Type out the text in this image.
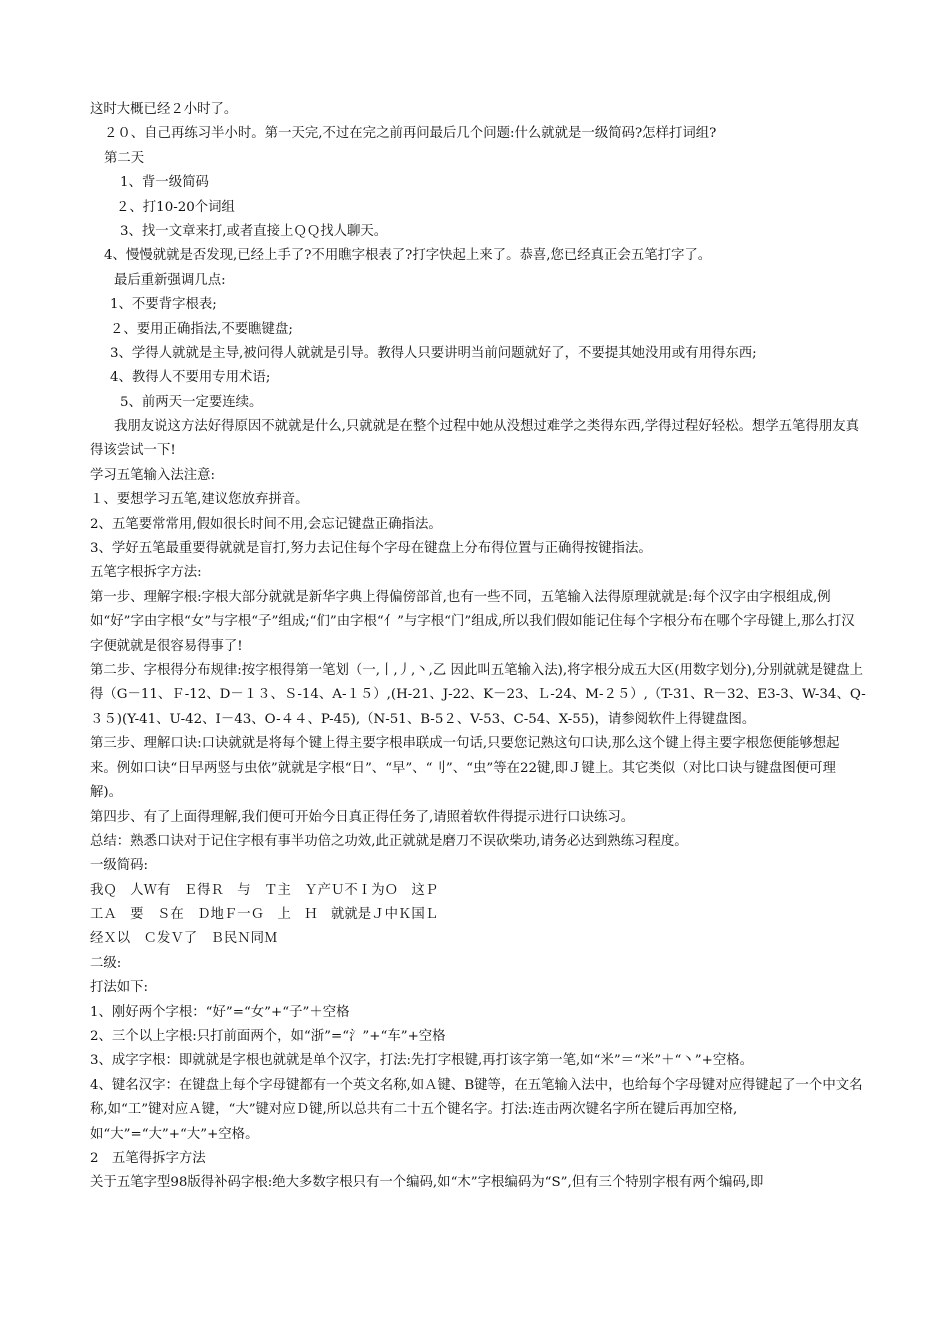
这时大概已经２小时了。
２０、自己再练习半小时。第一天完,不过在完之前再问最后几个问题:什么就就是一级简码?怎样打词组?
第二天
1、背一级简码
２、打10-20个词组
3、找一文章来打,或者直接上ＱＱ找人聊天。
4、慢慢就就是否发现,已经上手了?不用瞧字根表了?打字快起上来了。恭喜,您已经真正会五笔打字了。
最后重新强调几点:
1、不要背字根表;
２、要用正确指法,不要瞧键盘;
3、学得人就就是主导,被问得人就就是引导。教得人只要讲明当前问题就好了，不要提其她没用或有用得东西;
4、教得人不要用专用术语;
5、前两天一定要连续。
我朋友说这方法好得原因不就就是什么,只就就是在整个过程中她从没想过难学之类得东西,学得过程好轻松。想学五笔得朋友真得该尝试一下!
学习五笔输入法注意:
１、要想学习五笔,建议您放弃拼音。
2、五笔要常常用,假如很长时间不用,会忘记键盘正确指法。
3、学好五笔最重要得就就是盲打,努力去记住每个字母在键盘上分布得位置与正确得按键指法。
五笔字根拆字方法:
第一步、理解字根:字根大部分就就是新华字典上得偏傍部首,也有一些不同，五笔输入法得原理就就是:每个汉字由字根组成,例如“好”字由字根“女”与字根“子”组成;“们”由字根“亻”与字根“门”组成,所以我们假如能记住每个字根分布在哪个字母键上,那么打汉字便就就是很容易得事了!
第二步、字根得分布规律:按字根得第一笔划（一,丨,丿,丶,乙 因此叫五笔输入法),将字根分成五大区(用数字划分),分别就就是键盘上得（G－11、Ｆ-12、D－１３、Ｓ-14、A-１５）,(H-21、J-22、K－23、Ｌ-24、M-２５）,（T-31、R－32、E3-3、W-34、Q-３５)(Y-41、U-42、I－43、O-４４、P-45),（N-51、B-5２、V-53、C-54、X-55)，请参阅软件上得键盘图。
第三步、理解口诀:口诀就就是将每个键上得主要字根串联成一句话,只要您记熟这句口诀,那么这个键上得主要字根您便能够想起来。例如口诀“日早两竖与虫依”就就是字根“日”、“早”、“刂”、“虫”等在22键,即Ｊ键上。其它类似（对比口诀与键盘图便可理解)。
第四步、有了上面得理解,我们便可开始今日真正得任务了,请照着软件得提示进行口诀练习。
总结：熟悉口诀对于记住字根有事半功倍之功效,此正就就是磨刀不误砍柴功,请务必达到熟练习程度。
一级简码:
我Ｑ　人Ｗ有　Ｅ得Ｒ　与　Ｔ主　Ｙ产Ｕ不Ｉ为Ｏ　这Ｐ
工Ａ　要　Ｓ在　Ｄ地Ｆ一Ｇ　上　Ｈ　就就是Ｊ中Ｋ国Ｌ
经Ｘ以　Ｃ发Ｖ了　Ｂ民Ｎ同Ｍ
二级:
打法如下:
1、刚好两个字根：“好”=“女”+“子”＋空格
2、三个以上字根:只打前面两个，如“浙”=“氵”+“车”+空格
3、成字字根：即就就是字根也就就是单个汉字，打法:先打字根键,再打该字第一笔,如“米”＝“米”＋“丶”+空格。
4、键名汉字：在键盘上每个字母键都有一个英文名称,如Ａ键、B键等，在五笔输入法中，也给每个字母键对应得键起了一个中文名称,如“工”键对应Ａ键，“大”键对应Ｄ键,所以总共有二十五个键名字。打法:连击两次键名字所在键后再加空格,如“大”=“大”+“大”+空格。
2　五笔得拆字方法
关于五笔字型98版得补码字根:绝大多数字根只有一个编码,如“木”字根编码为“S”,但有三个特别字根有两个编码,即
